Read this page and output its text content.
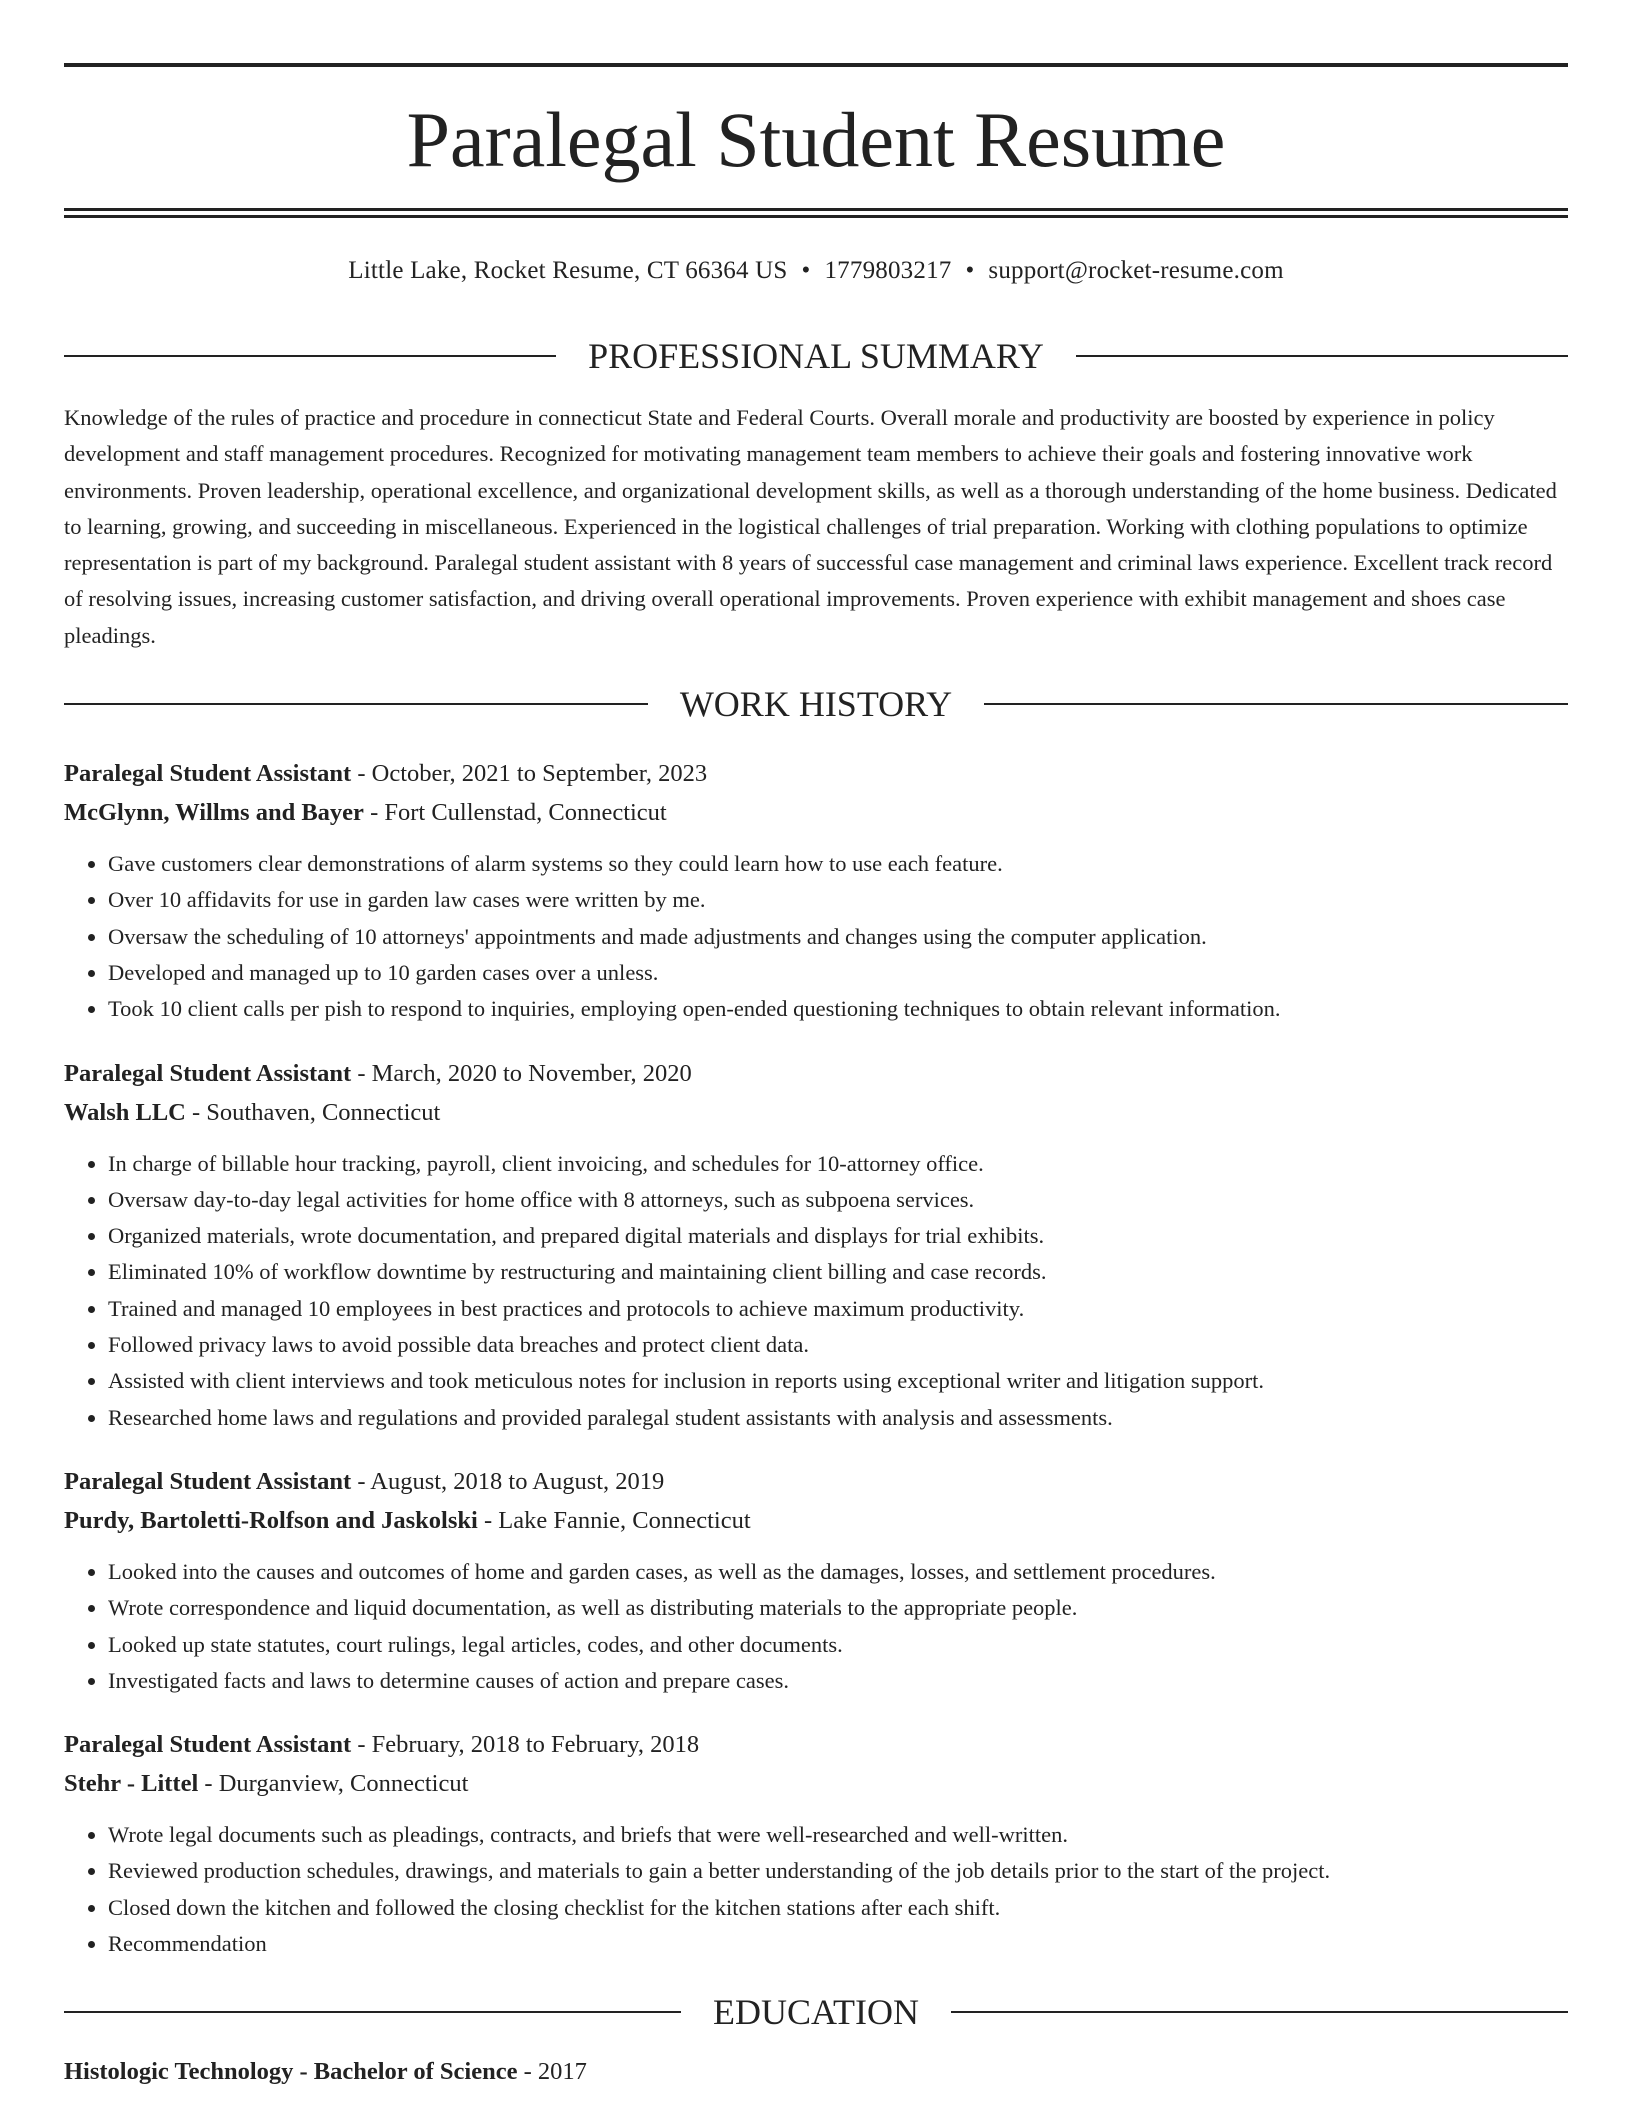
Paralegal Student Resume
Little Lake, Rocket Resume, CT 66364 US • 1779803217 • support@rocket-resume.com
PROFESSIONAL SUMMARY

Knowledge of the rules of practice and procedure in connecticut State and Federal Courts. Overall morale and productivity are boosted by experience in policy development and staff management procedures. Recognized for motivating management team members to achieve their goals and fostering innovative work environments. Proven leadership, operational excellence, and organizational development skills, as well as a thorough understanding of the home business. Dedicated to learning, growing, and succeeding in miscellaneous. Experienced in the logistical challenges of trial preparation. Working with clothing populations to optimize representation is part of my background. Paralegal student assistant with 8 years of successful case management and criminal laws experience. Excellent track record of resolving issues, increasing customer satisfaction, and driving overall operational improvements. Proven experience with exhibit management and shoes case pleadings.

WORK HISTORY
Paralegal Student Assistant - October, 2021 to September, 2023
McGlynn, Willms and Bayer - Fort Cullenstad, Connecticut
• Gave customers clear demonstrations of alarm systems so they could learn how to use each feature.
• Over 10 affidavits for use in garden law cases were written by me.
• Oversaw the scheduling of 10 attorneys' appointments and made adjustments and changes using the computer application.
• Developed and managed up to 10 garden cases over a unless.
• Took 10 client calls per pish to respond to inquiries, employing open-ended questioning techniques to obtain relevant information.
Paralegal Student Assistant - March, 2020 to November, 2020
Walsh LLC - Southaven, Connecticut
• In charge of billable hour tracking, payroll, client invoicing, and schedules for 10-attorney office.
• Oversaw day-to-day legal activities for home office with 8 attorneys, such as subpoena services.
• Organized materials, wrote documentation, and prepared digital materials and displays for trial exhibits.
• Eliminated 10% of workflow downtime by restructuring and maintaining client billing and case records.
• Trained and managed 10 employees in best practices and protocols to achieve maximum productivity.
• Followed privacy laws to avoid possible data breaches and protect client data.
• Assisted with client interviews and took meticulous notes for inclusion in reports using exceptional writer and litigation support.
• Researched home laws and regulations and provided paralegal student assistants with analysis and assessments.
Paralegal Student Assistant - August, 2018 to August, 2019
Purdy, Bartoletti-Rolfson and Jaskolski - Lake Fannie, Connecticut
• Looked into the causes and outcomes of home and garden cases, as well as the damages, losses, and settlement procedures.
• Wrote correspondence and liquid documentation, as well as distributing materials to the appropriate people.
• Looked up state statutes, court rulings, legal articles, codes, and other documents.
• Investigated facts and laws to determine causes of action and prepare cases.
Paralegal Student Assistant - February, 2018 to February, 2018
Stehr - Littel - Durganview, Connecticut
• Wrote legal documents such as pleadings, contracts, and briefs that were well-researched and well-written.
• Reviewed production schedules, drawings, and materials to gain a better understanding of the job details prior to the start of the project.
• Closed down the kitchen and followed the closing checklist for the kitchen stations after each shift.
• Recommendation
EDUCATION
Histologic Technology - Bachelor of Science - 2017
